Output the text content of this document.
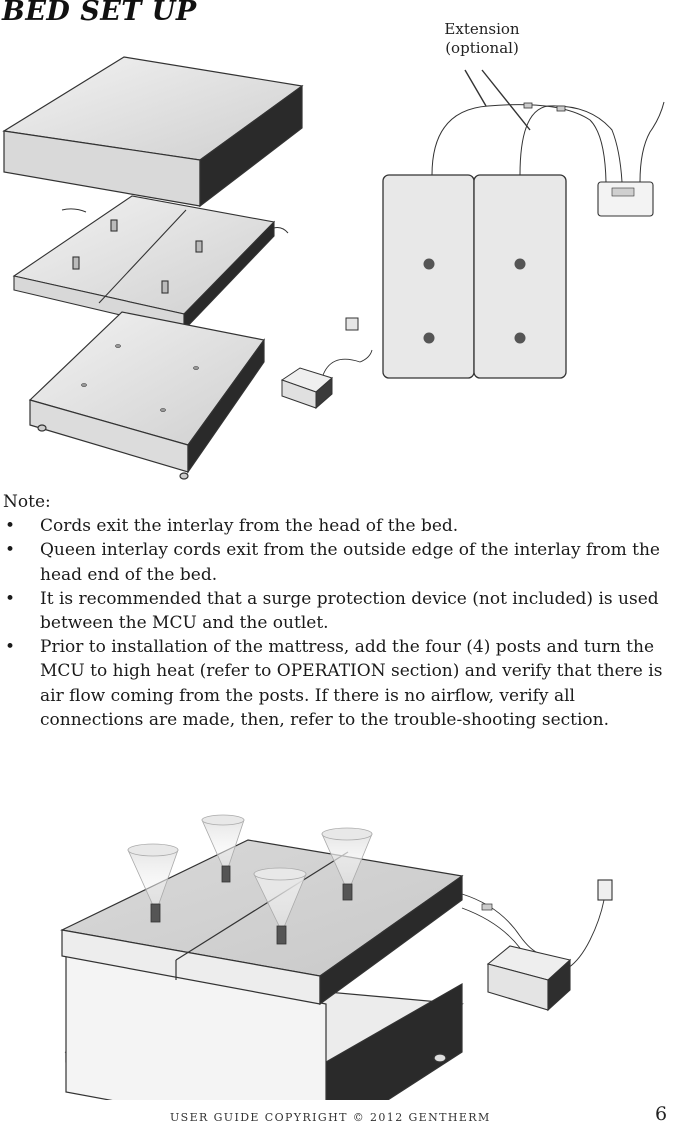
BED SET UP
Extension
(optional)

Note:

• Cords exit the interlay from the head of the bed.
• Queen interlay cords exit from the outside edge of the interlay from the head end of the bed.
• It is recommended that a surge protection device (not included) is used between the MCU and the outlet.
• Prior to installation of the mattress, add the four (4) posts and turn the MCU to high heat (refer to OPERATION section) and verify that there is air flow coming from the posts. If there is no airflow, verify all connections are made, then, refer to the trouble-shooting section.
USER GUIDE COPYRIGHT © 2012 GENTHERM	6
